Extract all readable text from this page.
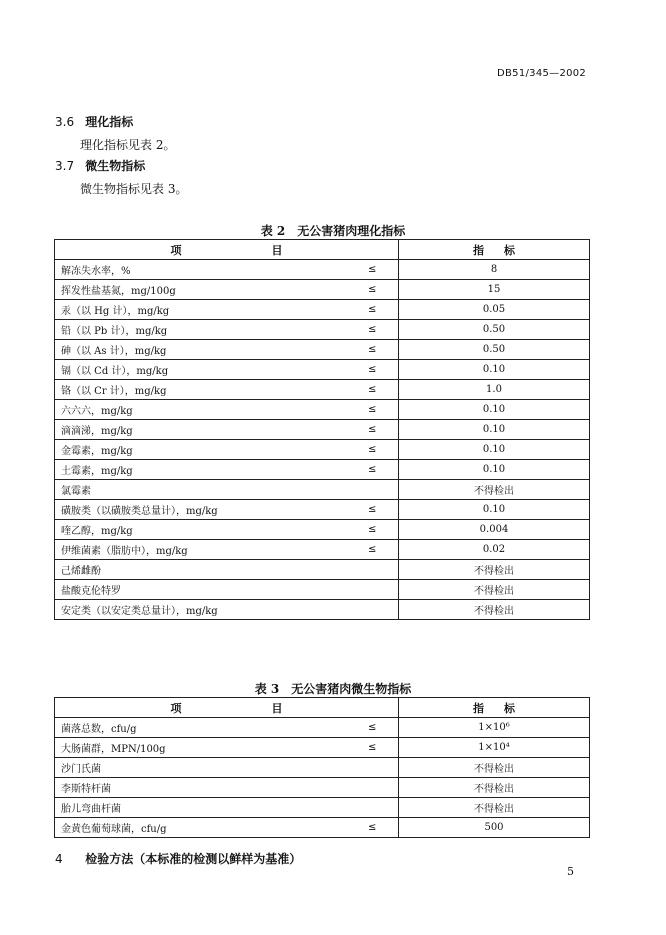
DB51/345—2002
3.6 理化指标
理化指标见表 2。
3.7 微生物指标
微生物指标见表 3。
表 2　无公害猪肉理化指标
项目		指标
解冻失水率，%	≤	8
挥发性盐基氮，mg/100g	≤	15
汞（以 Hg 计），mg/kg	≤	0.05
铅（以 Pb 计），mg/kg	≤	0.50
砷（以 As 计），mg/kg	≤	0.50
镉（以 Cd 计），mg/kg	≤	0.10
铬（以 Cr 计），mg/kg	≤	1.0
六六六，mg/kg	≤	0.10
滴滴涕，mg/kg	≤	0.10
金霉素，mg/kg	≤	0.10
土霉素，mg/kg	≤	0.10
氯霉素		不得检出
磺胺类（以磺胺类总量计），mg/kg	≤	0.10
喹乙醇，mg/kg	≤	0.004
伊维菌素（脂肪中），mg/kg	≤	0.02
己烯雌酚		不得检出
盐酸克伦特罗		不得检出
安定类（以安定类总量计），mg/kg		不得检出
表 3　无公害猪肉微生物指标
项目		指标
菌落总数，cfu/g	≤	1×10⁶
大肠菌群，MPN/100g	≤	1×10⁴
沙门氏菌		不得检出
李斯特杆菌		不得检出
胎儿弯曲杆菌		不得检出
金黄色葡萄球菌，cfu/g	≤	500
4 检验方法（本标准的检测以鲜样为基准）
5
